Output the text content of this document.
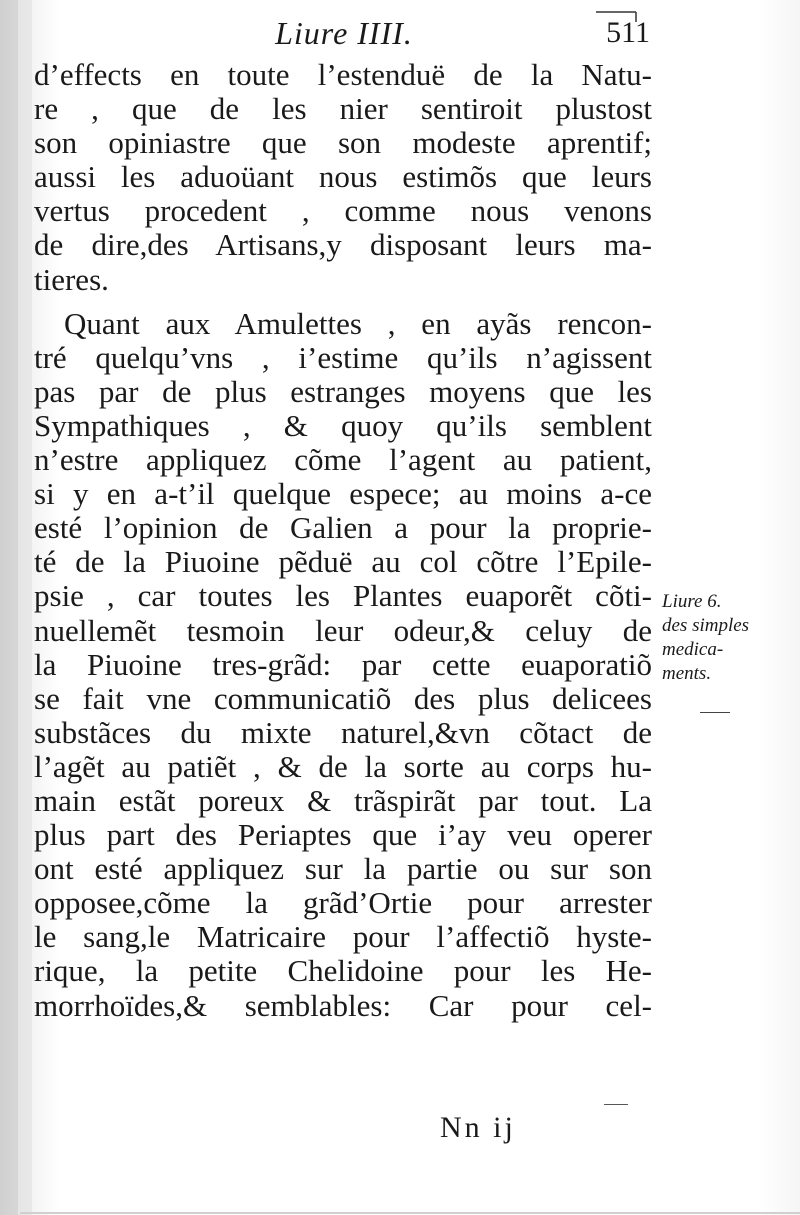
Liure IIII.	511
d’effects en toute l’estenduë de la Natu-
re , que de les nier sentiroit plustost
son opiniastre que son modeste aprentif;
aussi les aduoüant nous estimõs que leurs
vertus procedent , comme nous venons
de dire,des Artisans,y disposant leurs ma-
tieres.
Quant aux Amulettes , en ayãs rencon-
tré quelqu’vns , i’estime qu’ils n’agissent
pas par de plus estranges moyens que les
Sympathiques , & quoy qu’ils semblent
n’estre appliquez cõme l’agent au patient,
si y en a-t’il quelque espece; au moins a-ce
esté l’opinion de Galien a pour la proprie-
té de la Piuoine pẽduë au col cõtre l’Epile-
psie , car toutes les Plantes euaporẽt cõti-
nuellemẽt tesmoin leur odeur,& celuy de
la Piuoine tres-grãd: par cette euaporatiõ
se fait vne communicatiõ des plus delicees
substãces du mixte naturel,&vn cõtact de
l’agẽt au patiẽt , & de la sorte au corps hu-
main estãt poreux & trãspirãt par tout. La
plus part des Periaptes que i’ay veu operer
ont esté appliquez sur la partie ou sur son
opposee,cõme la grãd’Ortie pour arrester
le sang,le Matricaire pour l’affectiõ hyste-
rique, la petite Chelidoine pour les He-
morrhoïdes,& semblables: Car pour cel-
Liure 6.
des simples
medica-
ments.
Nn ij
